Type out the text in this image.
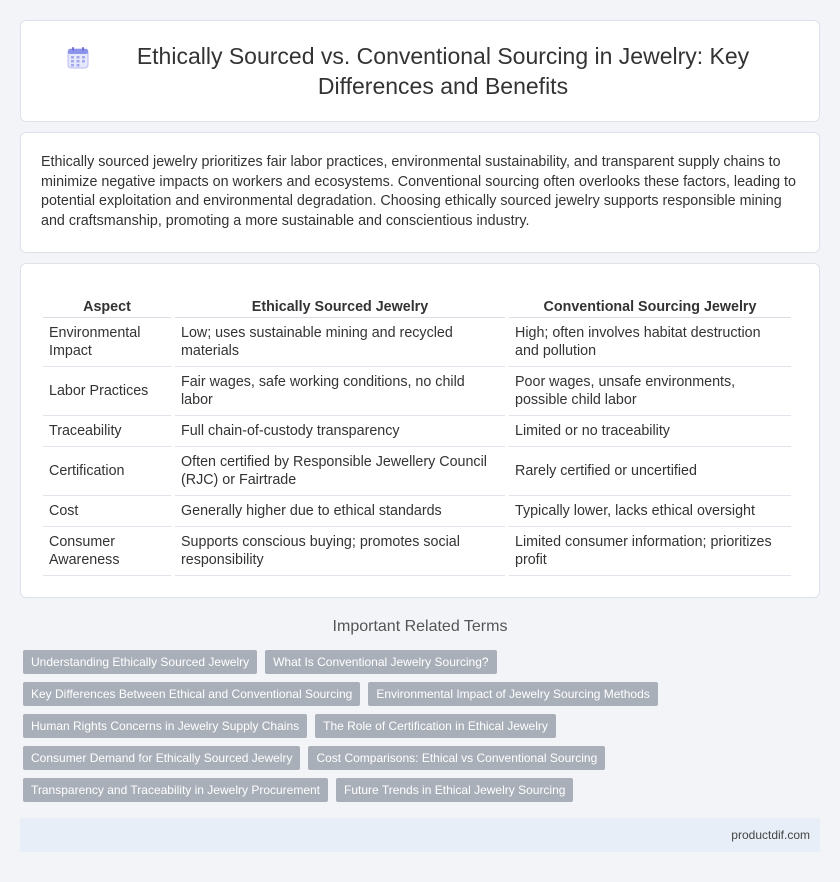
Ethically Sourced vs. Conventional Sourcing in Jewelry: Key Differences and Benefits

Ethically sourced jewelry prioritizes fair labor practices, environmental sustainability, and transparent supply chains to minimize negative impacts on workers and ecosystems. Conventional sourcing often overlooks these factors, leading to potential exploitation and environmental degradation. Choosing ethically sourced jewelry supports responsible mining and craftsmanship, promoting a more sustainable and conscientious industry.

Aspect	Ethically Sourced Jewelry	Conventional Sourcing Jewelry
Environmental Impact	Low; uses sustainable mining and recycled materials	High; often involves habitat destruction and pollution
Labor Practices	Fair wages, safe working conditions, no child labor	Poor wages, unsafe environments, possible child labor
Traceability	Full chain-of-custody transparency	Limited or no traceability
Certification	Often certified by Responsible Jewellery Council (RJC) or Fairtrade	Rarely certified or uncertified
Cost	Generally higher due to ethical standards	Typically lower, lacks ethical oversight
Consumer Awareness	Supports conscious buying; promotes social responsibility	Limited consumer information; prioritizes profit
Important Related Terms
Understanding Ethically Sourced Jewelry	What Is Conventional Jewelry Sourcing?
Key Differences Between Ethical and Conventional Sourcing	Environmental Impact of Jewelry Sourcing Methods
Human Rights Concerns in Jewelry Supply Chains	The Role of Certification in Ethical Jewelry
Consumer Demand for Ethically Sourced Jewelry	Cost Comparisons: Ethical vs Conventional Sourcing
Transparency and Traceability in Jewelry Procurement	Future Trends in Ethical Jewelry Sourcing
productdif.com
